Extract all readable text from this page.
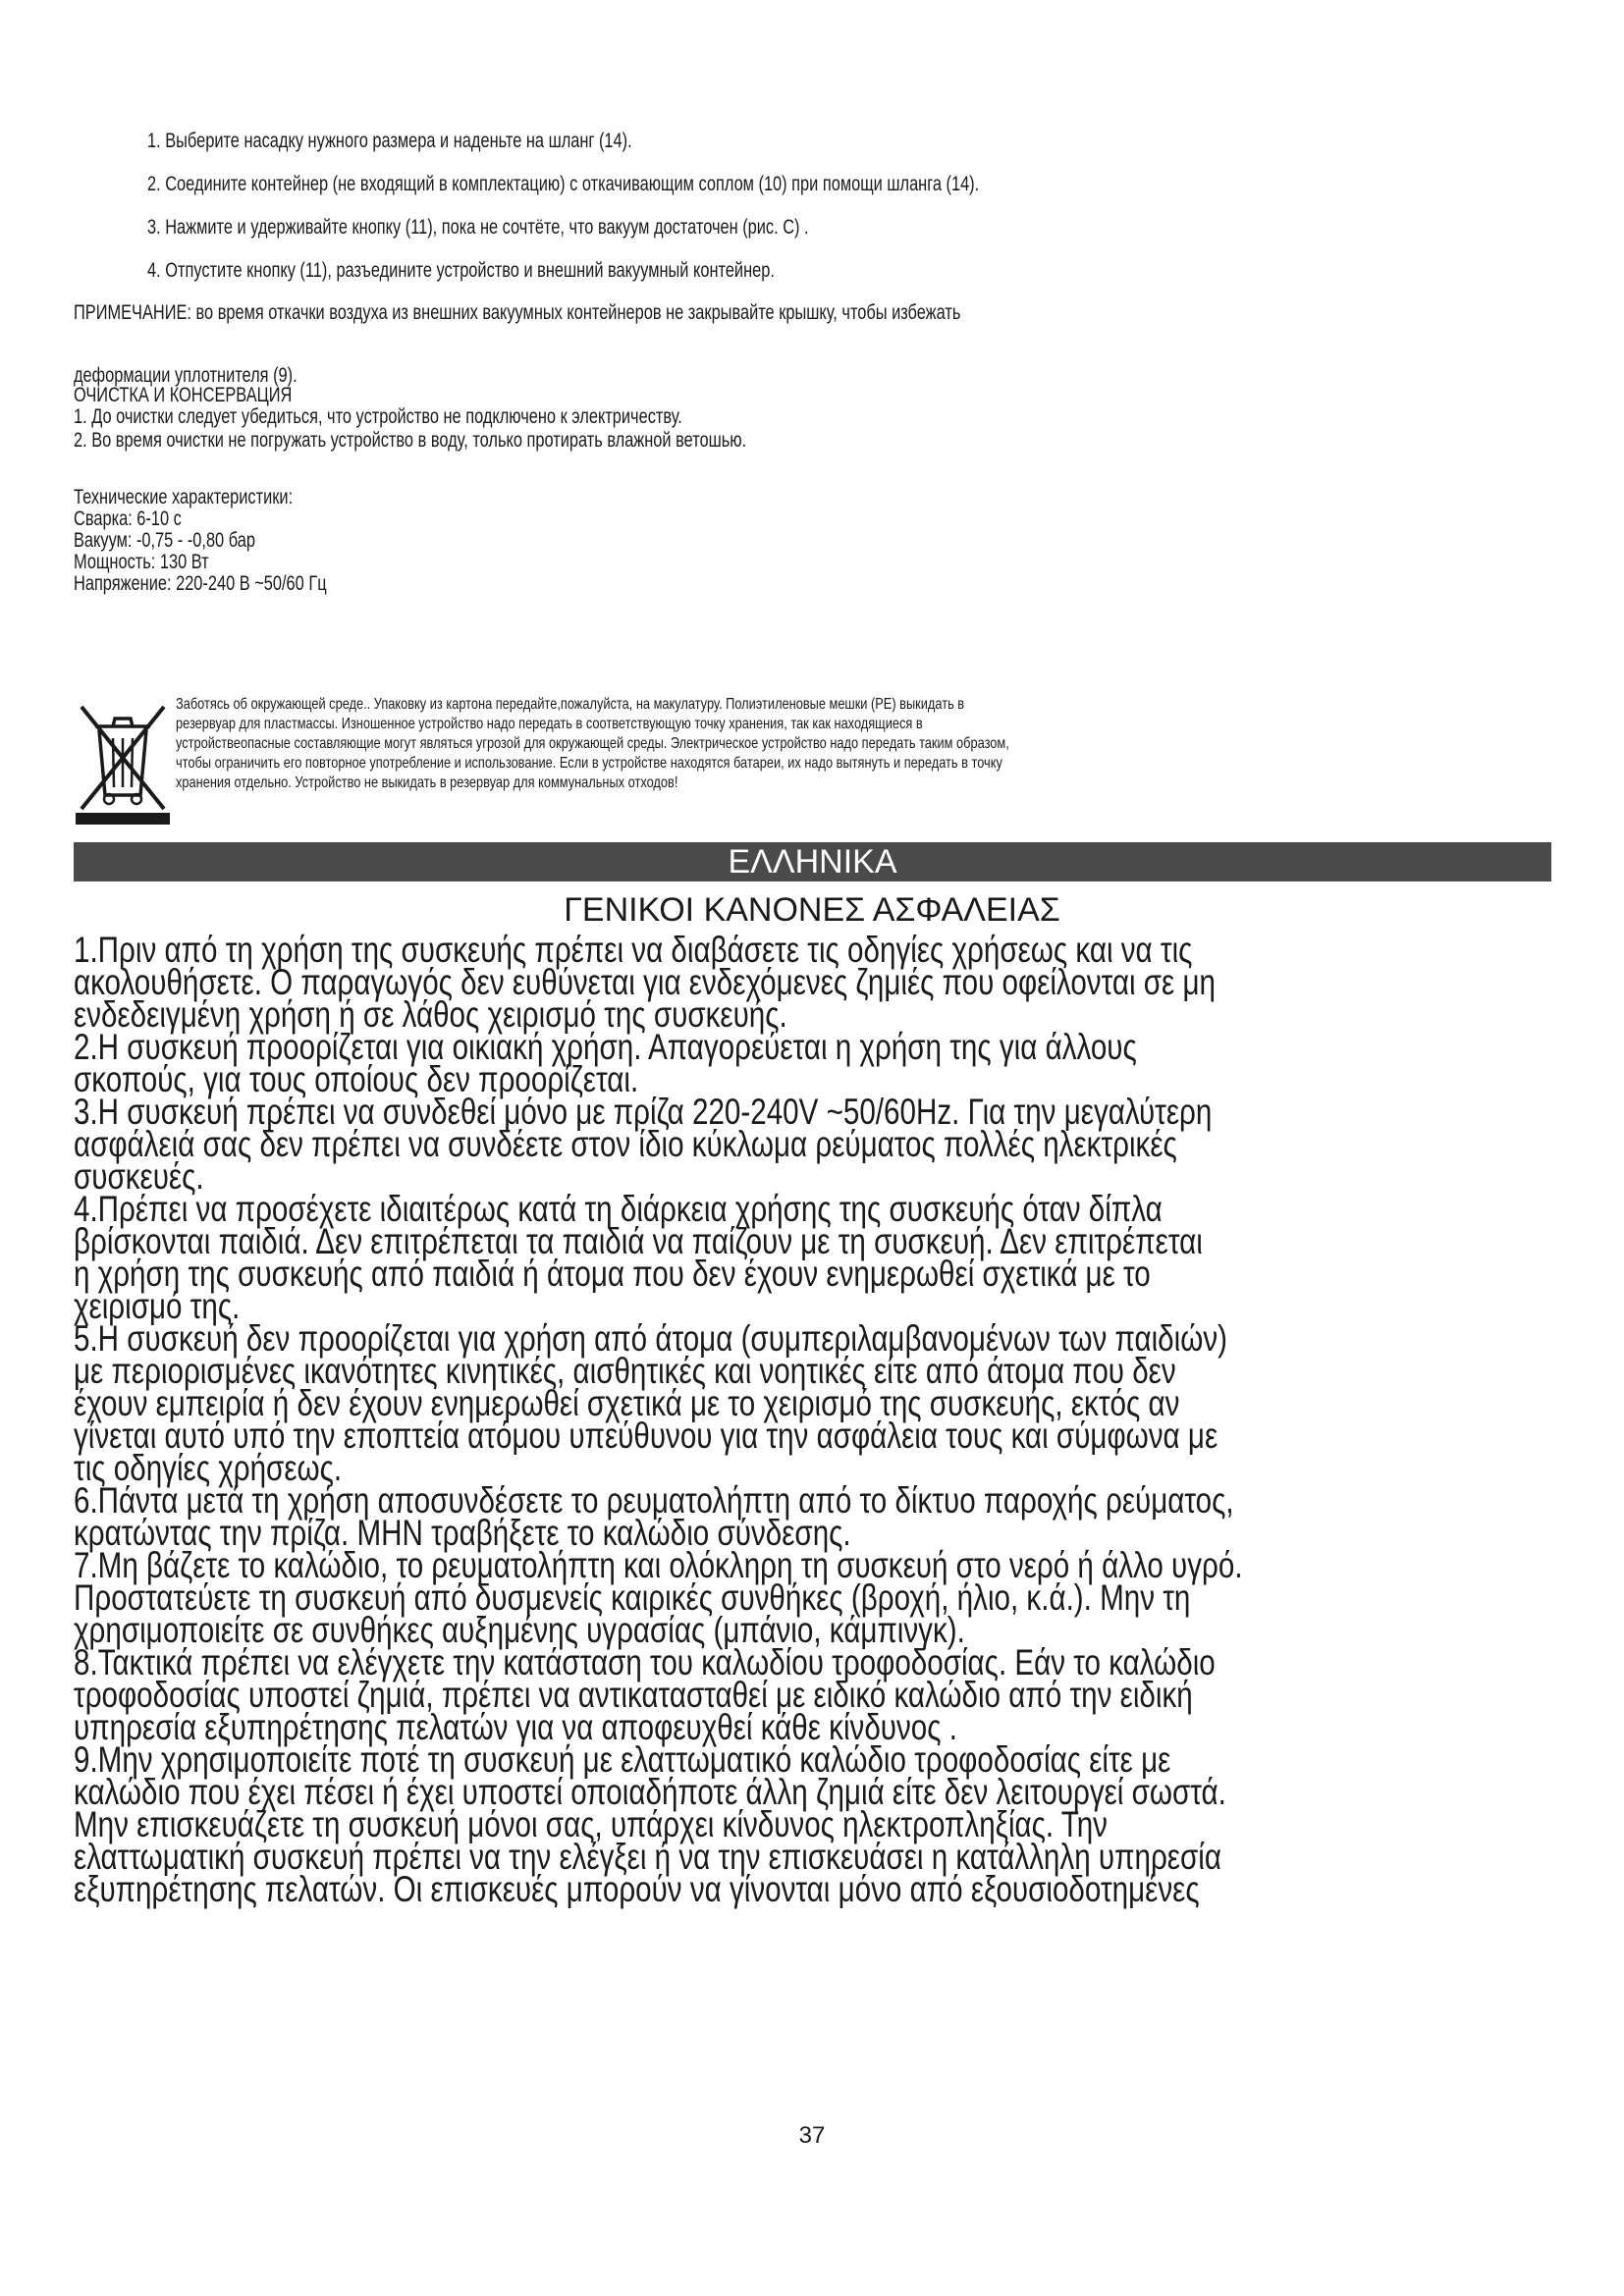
1. Выберите насадку нужного размера и наденьте на шланг (14).
2. Соедините контейнер (не входящий в комплектацию) с откачивающим соплом (10) при помощи шланга (14).
3. Нажмите и удерживайте кнопку (11), пока не сочтёте, что вакуум достаточен (рис. C) .
4. Отпустите кнопку (11), разъедините устройство и внешний вакуумный контейнер.
ПРИМЕЧАНИЕ: во время откачки воздуха из внешних вакуумных контейнеров не закрывайте крышку, чтобы избежать
деформации уплотнителя (9).
ОЧИСТКА И КОНСЕРВАЦИЯ
1. До очистки следует убедиться, что устройство не подключено к электричеству.
2. Во время очистки не погружать устройство в воду, только протирать влажной ветошью.
Технические характеристики:
Сварка: 6-10 с
Вакуум: -0,75 - -0,80 бар
Мощность: 130 Вт
Напряжение: 220-240 В ~50/60 Гц
Заботясь об окружающей среде.. Упаковку из картона передайте,пожалуйста, на макулатуру. Полиэтиленовые мешки (PE) выкидать в
резервуар для пластмассы. Изношенное устройство надо передать в соответствующую точку хранения, так как находящиеся в
устройствеопасные составляющие могут являться угрозой для окружающей среды. Электрическое устройство надо передать таким образом,
чтобы ограничить его повторное употребление и использование. Если в устройстве находятся батареи, их надо вытянуть и передать в точку
хранения отдельно. Устройство не выкидать в резервуар для коммунальных отходов!
ΕΛΛΗΝΙΚΑ
ΓΕΝΙΚΟΙ ΚΑΝΟΝΕΣ ΑΣΦΑΛΕΙΑΣ
1.Πριν από τη χρήση της συσκευής πρέπει να διαβάσετε τις οδηγίες χρήσεως και να τις
ακολουθήσετε. Ο παραγωγός δεν ευθύνεται για ενδεχόμενες ζημιές που οφείλονται σε μη
ενδεδειγμένη χρήση ή σε λάθος χειρισμό της συσκευής.
2.Η συσκευή προορίζεται για οικιακή χρήση. Απαγορεύεται η χρήση της για άλλους
σκοπούς, για τους οποίους δεν προορίζεται.
3.Η συσκευή πρέπει να συνδεθεί μόνο με πρίζα 220-240V ~50/60Hz. Για την μεγαλύτερη
ασφάλειά σας δεν πρέπει να συνδέετε στον ίδιο κύκλωμα ρεύματος πολλές ηλεκτρικές
συσκευές.
4.Πρέπει να προσέχετε ιδιαιτέρως κατά τη διάρκεια χρήσης της συσκευής όταν δίπλα
βρίσκονται παιδιά. Δεν επιτρέπεται τα παιδιά να παίζουν με τη συσκευή. Δεν επιτρέπεται
η χρήση της συσκευής από παιδιά ή άτομα που δεν έχουν ενημερωθεί σχετικά με το
χειρισμό της.
5.Η συσκευή δεν προορίζεται για χρήση από άτομα (συμπεριλαμβανομένων των παιδιών)
με περιορισμένες ικανότητες κινητικές, αισθητικές και νοητικές είτε από άτομα που δεν
έχουν εμπειρία ή δεν έχουν ενημερωθεί σχετικά με το χειρισμό της συσκευής, εκτός αν
γίνεται αυτό υπό την εποπτεία ατόμου υπεύθυνου για την ασφάλεια τους και σύμφωνα με
τις οδηγίες χρήσεως.
6.Πάντα μετά τη χρήση αποσυνδέσετε το ρευματολήπτη από το δίκτυο παροχής ρεύματος,
κρατώντας την πρίζα. ΜΗΝ τραβήξετε το καλώδιο σύνδεσης.
7.Μη βάζετε το καλώδιο, το ρευματολήπτη και ολόκληρη τη συσκευή στο νερό ή άλλο υγρό.
Προστατεύετε τη συσκευή από δυσμενείς καιρικές συνθήκες (βροχή, ήλιο, κ.ά.). Μην τη
χρησιμοποιείτε σε συνθήκες αυξημένης υγρασίας (μπάνιο, κάμπινγκ).
8.Τακτικά πρέπει να ελέγχετε την κατάσταση του καλωδίου τροφοδοσίας. Εάν το καλώδιο
τροφοδοσίας υποστεί ζημιά, πρέπει να αντικατασταθεί με ειδικό καλώδιο από την ειδική
υπηρεσία εξυπηρέτησης πελατών για να αποφευχθεί κάθε κίνδυνος .
9.Μην χρησιμοποιείτε ποτέ τη συσκευή με ελαττωματικό καλώδιο τροφοδοσίας είτε με
καλώδιο που έχει πέσει ή έχει υποστεί οποιαδήποτε άλλη ζημιά είτε δεν λειτουργεί σωστά.
Μην επισκευάζετε τη συσκευή μόνοι σας, υπάρχει κίνδυνος ηλεκτροπληξίας. Την
ελαττωματική συσκευή πρέπει να την ελέγξει ή να την επισκευάσει η κατάλληλη υπηρεσία
εξυπηρέτησης πελατών. Οι επισκευές μπορούν να γίνονται μόνο από εξουσιοδοτημένες
37
